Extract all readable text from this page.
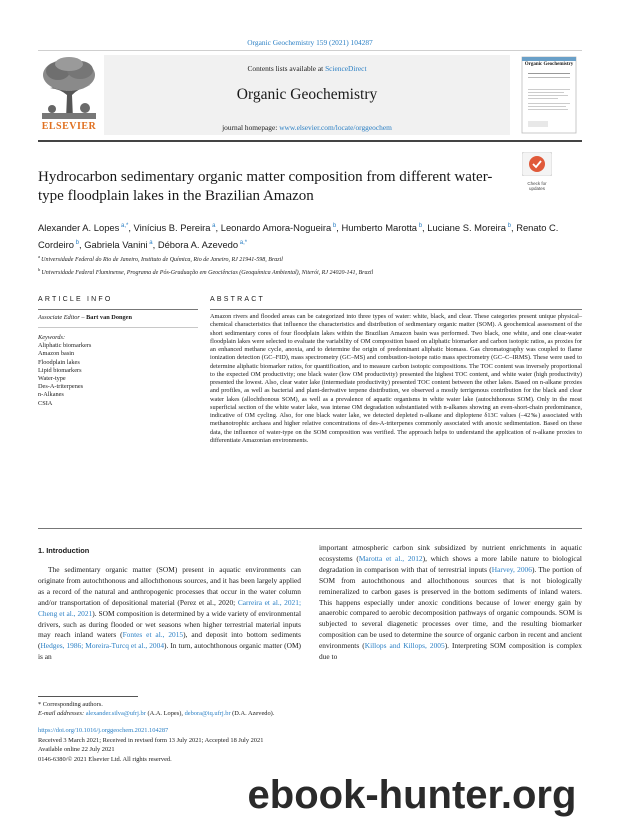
Organic Geochemistry 159 (2021) 104287
ELSEVIER
Contents lists available at ScienceDirect
Organic Geochemistry
journal homepage: www.elsevier.com/locate/orggeochem
Organic Geochemistry
Check for updates
Hydrocarbon sedimentary organic matter composition from different water-type floodplain lakes in the Brazilian Amazon
Alexander A. Lopes $^{a,*}$, Vinícius B. Pereira $^a$, Leonardo Amora-Nogueira $^b$, Humberto Marotta $^b$, Luciane S. Moreira $^b$, Renato C. Cordeiro $^b$, Gabriela Vanini $^a$, Débora A. Azevedo $^{a,*}$
$^a$ Universidade Federal do Rio de Janeiro, Instituto de Química, Rio de Janeiro, RJ 21941-598, Brazil
$^b$ Universidade Federal Fluminense, Programa de Pós-Graduação em Geociências (Geoquímica Ambiental), Niterói, RJ 24020-141, Brazil
ARTICLE INFO	ABSTRACT
Associate Editor – Bart van Dongen
Keywords:
Aliphatic biomarkers
Amazon basin
Floodplain lakes
Lipid biomarkers
Water-type
Des-A-triterpenes
n-Alkanes
CSIA
Amazon rivers and flooded areas can be categorized into three types of water: white, black, and clear. These categories present unique physical–chemical characteristics that influence the characteristics and distribution of sedimentary organic matter (SOM). A geochemical assessment of the short sedimentary cores of four floodplain lakes within the Brazilian Amazon basin was performed. Two black, one white, and one clear-water floodplain lakes were selected to evaluate the variability of OM composition based on aliphatic biomarker and carbon isotopic ratios, as proxies for an enhanced methane cycle, anoxia, and to determine the origin of predominant aliphatic biomass. Gas chromatography was coupled to flame ionization detection (GC–FID), mass spectrometry (GC–MS) and combustion-isotope ratio mass spectrometry (GC–C–IRMS). These were used to determine aliphatic biomarker ratios, for quantification, and to measure carbon isotopic compositions. The TOC content was inversely proportional to the expected OM productivity; one black water (low OM productivity) presented the highest TOC content, and white water (high productivity) presented the lowest. Also, clear water lake (intermediate productivity) presented TOC content between the other lakes. Based on n-alkane proxies and profiles, as well as bacterial and plant-derivative terpene distribution, we observed a mostly terrigenous contribution for the black and clear water lakes (allochthonous SOM), as well as a prevalence of aquatic organisms in white water lake (autochthonous SOM). Only in the most superficial section of the white water lake, was intense OM degradation substantiated with n-alkanes showing an even-short-chain predominance, indicative of OM cycling. Also, for one black water lake, we detected depleted n-alkane and diploptene δ13C values (–42‰) associated with methanotrophic archaea and higher relative concentrations of des-A-triterpenes commonly associated with anoxic sedimentation. Based on these data, the influence of water-type on the SOM composition was verified. The approach helps to understand the application of n-alkane proxies to differentiate Amazonian environments.
1. Introduction
The sedimentary organic matter (SOM) present in aquatic environments can originate from autochthonous and allochthonous sources, and it has been largely applied as a record of the natural and anthropogenic processes that occur in the water column and/or transportation of depositional material (Perez et al., 2020; Carreira et al., 2021; Cheng et al., 2021). SOM composition is determined by a wide variety of environmental drivers, such as during flooded or wet seasons when higher terrestrial material inputs may reach inland waters (Fontes et al., 2015), and deposit into bottom sediments (Hedges, 1986; Moreira-Turcq et al., 2004). In turn, autochthonous organic matter (OM) is an
important atmospheric carbon sink subsidized by nutrient enrichments in aquatic ecosystems (Marotta et al., 2012), which shows a more labile nature to biological degradation in comparison with that of terrestrial inputs (Harvey, 2006). The portion of SOM from autochthonous and allochthonous sources that is not biologically remineralized to carbon gases is preserved in the bottom sediments of inland waters. This happens especially under anoxic conditions because of lower energy gain by anaerobic compared to aerobic decomposition pathways of organic compounds. SOM is subjected to several diagenetic processes over time, and the resulting biomarker composition can be used to determine the source of organic carbon in recent and ancient environments (Killops and Killops, 2005). Interpreting SOM composition is complex due to
* Corresponding authors.
E-mail addresses: alexander.silva@ufrj.br (A.A. Lopes), debora@iq.ufrj.br (D.A. Azevedo).
https://doi.org/10.1016/j.orggeochem.2021.104287
Received 3 March 2021; Received in revised form 13 July 2021; Accepted 18 July 2021
Available online 22 July 2021
0146-6380/© 2021 Elsevier Ltd. All rights reserved.
ebook-hunter.org
